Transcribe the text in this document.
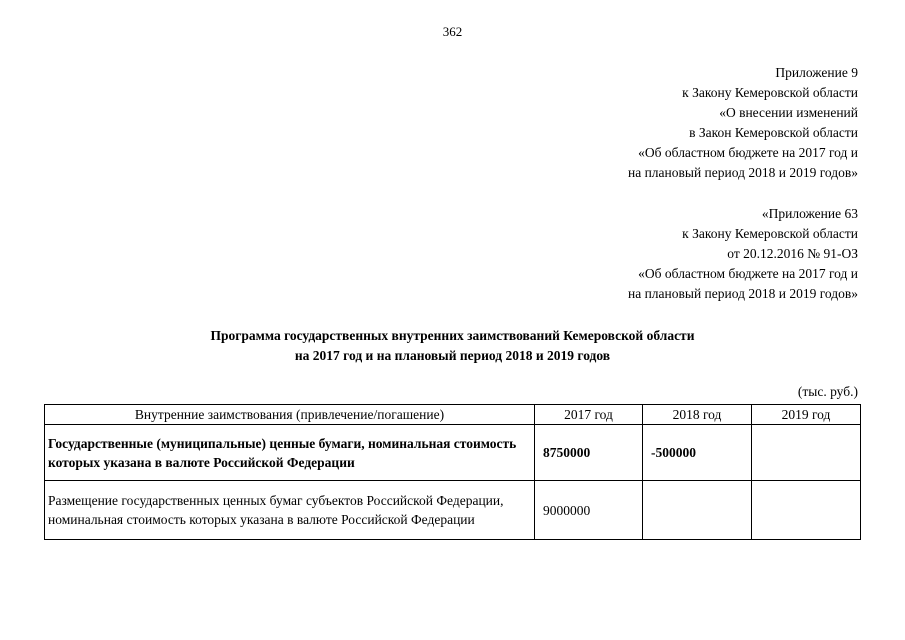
362
Приложение 9
к Закону Кемеровской области
«О внесении изменений
в Закон Кемеровской области
«Об областном бюджете на 2017 год и
на плановый период 2018 и 2019 годов»
«Приложение 63
к Закону Кемеровской области
от 20.12.2016 № 91-ОЗ
«Об областном бюджете на 2017 год и
на плановый период 2018 и 2019 годов»
Программа государственных внутренних заимствований Кемеровской области
на 2017 год и на плановый период 2018 и 2019 годов
(тыс. руб.)
Внутренние заимствования (привлечение/погашение)	2017 год	2018 год	2019 год
Государственные (муниципальные) ценные бумаги, номинальная стоимость которых указана в валюте Российской Федерации	8750000	-500000	
Размещение государственных ценных бумаг субъектов Российской Федерации, номинальная стоимость которых указана в валюте Российской Федерации	9000000		
